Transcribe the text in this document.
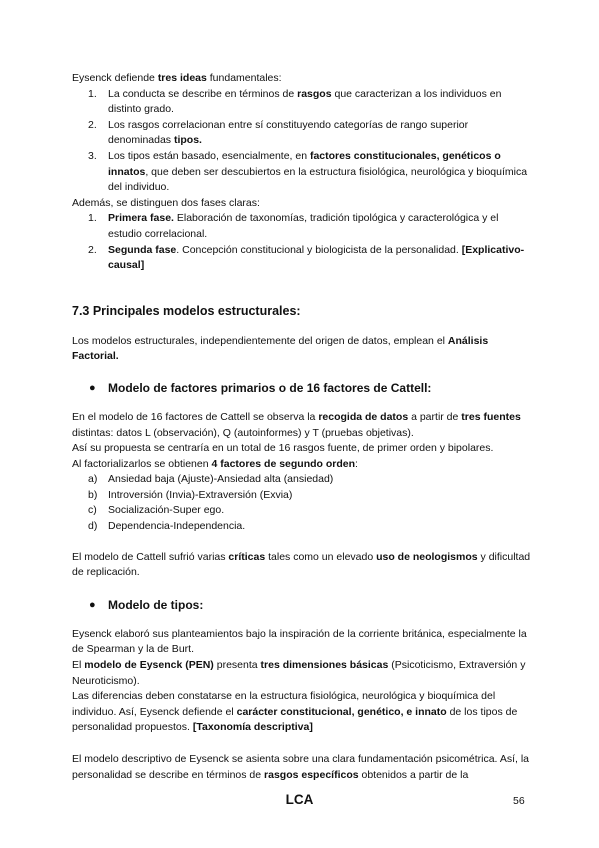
Eysenck defiende tres ideas fundamentales:

1. La conducta se describe en términos de rasgos que caracterizan a los individuos en distinto grado.
2. Los rasgos correlacionan entre sí constituyendo categorías de rango superior denominadas tipos.
3. Los tipos están basado, esencialmente, en factores constitucionales, genéticos o innatos, que deben ser descubiertos en la estructura fisiológica, neurológica y bioquímica del individuo.

Además, se distinguen dos fases claras:

1. Primera fase. Elaboración de taxonomías, tradición tipológica y caracterológica y el estudio correlacional.
2. Segunda fase. Concepción constitucional y biologicista de la personalidad. [Explicativo-causal]
7.3 Principales modelos estructurales:

Los modelos estructurales, independientemente del origen de datos, emplean el Análisis Factorial.

● Modelo de factores primarios o de 16 factores de Cattell:

En el modelo de 16 factores de Cattell se observa la recogida de datos a partir de tres fuentes distintas: datos L (observación), Q (autoinformes) y T (pruebas objetivas).

Así su propuesta se centraría en un total de 16 rasgos fuente, de primer orden y bipolares.

Al factorializarlos se obtienen 4 factores de segundo orden:

a) Ansiedad baja (Ajuste)-Ansiedad alta (ansiedad)
b) Introversión (Invia)-Extraversión (Exvia)
c) Socialización-Super ego.
d) Dependencia-Independencia.

El modelo de Cattell sufrió varias críticas tales como un elevado uso de neologismos y dificultad de replicación.

● Modelo de tipos:

Eysenck elaboró sus planteamientos bajo la inspiración de la corriente británica, especialmente la de Spearman y la de Burt.

El modelo de Eysenck (PEN) presenta tres dimensiones básicas (Psicoticismo, Extraversión y Neuroticismo).

Las diferencias deben constatarse en la estructura fisiológica, neurológica y bioquímica del individuo. Así, Eysenck defiende el carácter constitucional, genético, e innato de los tipos de personalidad propuestos. [Taxonomía descriptiva]

El modelo descriptivo de Eysenck se asienta sobre una clara fundamentación psicométrica. Así, la personalidad se describe en términos de rasgos específicos obtenidos a partir de la

LCA	56
